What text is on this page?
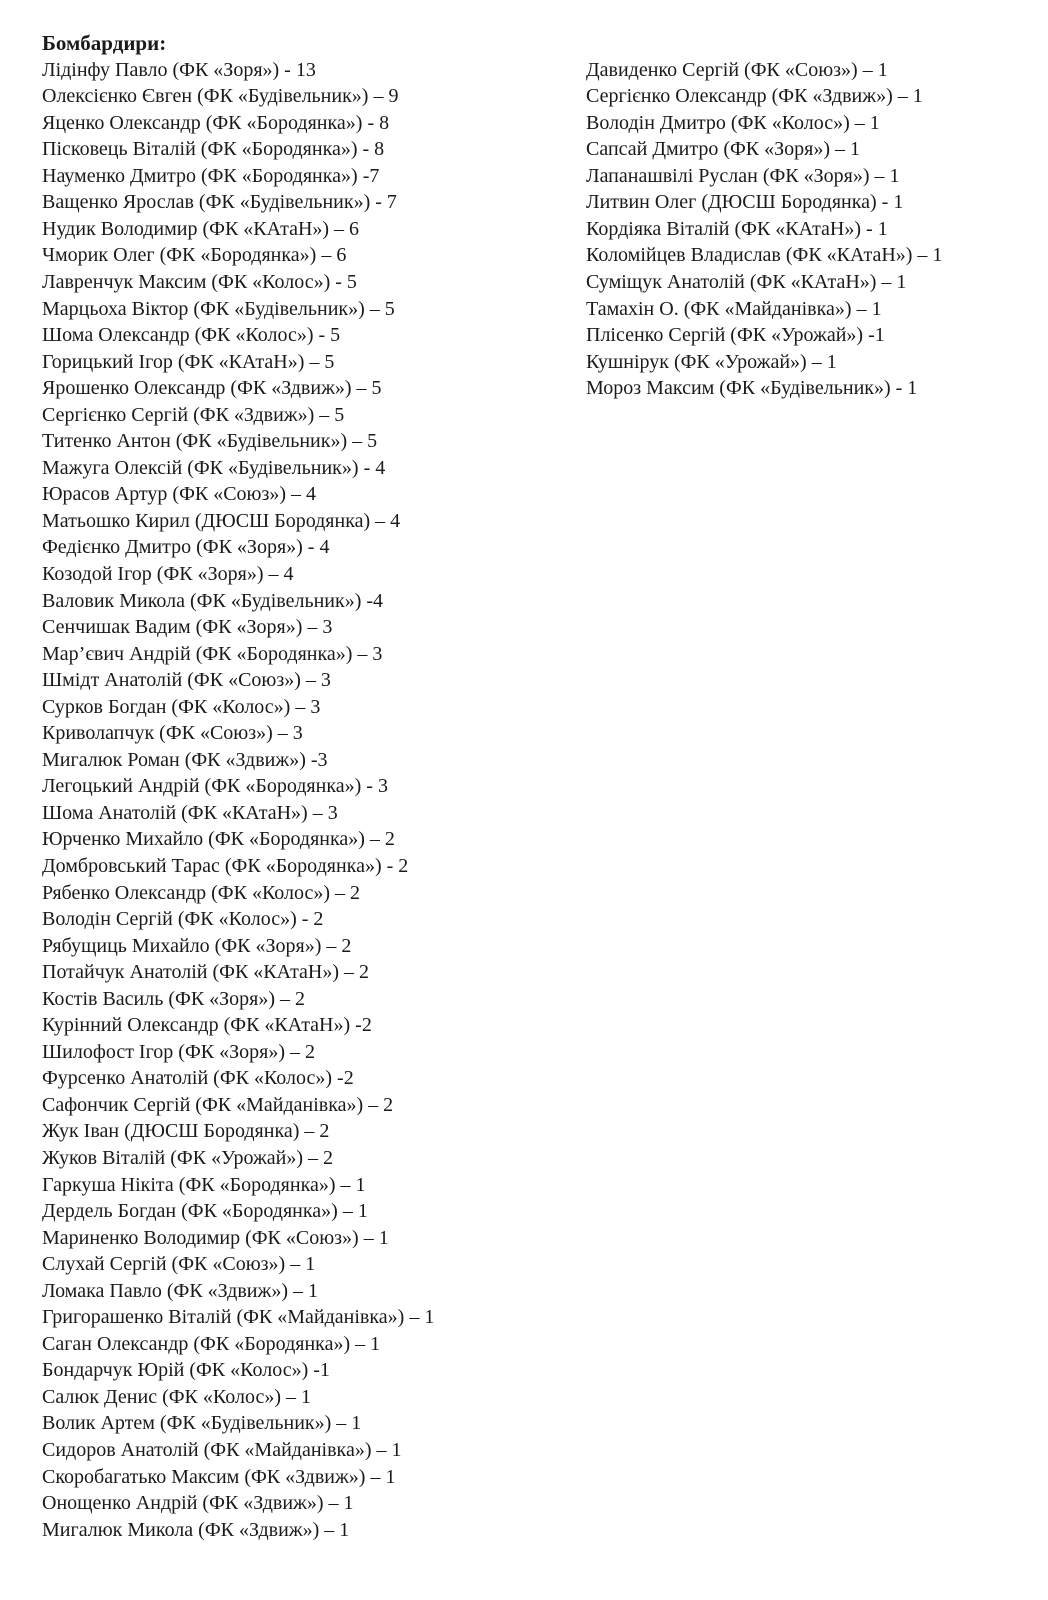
Бомбардири:
Лідінфу Павло (ФК «Зоря») - 13
Олексієнко Євген (ФК «Будівельник») – 9
Яценко Олександр (ФК «Бородянка») - 8
Пісковець Віталій (ФК «Бородянка») - 8
Науменко Дмитро (ФК «Бородянка») -7
Ващенко Ярослав (ФК «Будівельник») - 7
Нудик Володимир (ФК «КАтаН») – 6
Чморик Олег (ФК «Бородянка») – 6
Лавренчук Максим (ФК «Колос») - 5
Марцьоха Віктор (ФК «Будівельник») – 5
Шома Олександр (ФК «Колос») - 5
Горицький Ігор (ФК «КАтаН») – 5
Ярошенко Олександр (ФК «Здвиж») – 5
Сергієнко Сергій (ФК «Здвиж») – 5
Титенко Антон (ФК «Будівельник») – 5
Мажуга Олексій (ФК «Будівельник») - 4
Юрасов Артур (ФК «Союз») – 4
Матьошко Кирил (ДЮСШ Бородянка) – 4
Федієнко Дмитро (ФК «Зоря») - 4
Козодой Ігор (ФК «Зоря») – 4
Валовик Микола (ФК «Будівельник») -4
Сенчишак Вадим (ФК «Зоря») – 3
Мар’євич Андрій (ФК «Бородянка») – 3
Шмідт Анатолій (ФК «Союз») – 3
Сурков Богдан (ФК «Колос») – 3
Криволапчук (ФК «Союз») – 3
Мигалюк Роман (ФК «Здвиж») -3
Легоцький Андрій (ФК «Бородянка») - 3
Шома Анатолій (ФК «КАтаН») – 3
Юрченко Михайло (ФК «Бородянка») – 2
Домбровський Тарас (ФК «Бородянка») - 2
Рябенко Олександр (ФК «Колос») – 2
Володін Сергій (ФК «Колос») - 2
Рябущиць Михайло (ФК «Зоря») – 2
Потайчук Анатолій (ФК «КАтаН») – 2
Костів Василь (ФК «Зоря») – 2
Курінний Олександр (ФК «КАтаН») -2
Шилофост Ігор (ФК «Зоря») – 2
Фурсенко Анатолій (ФК «Колос») -2
Сафончик Сергій (ФК «Майданівка») – 2
Жук Іван (ДЮСШ Бородянка) – 2
Жуков Віталій (ФК «Урожай») – 2
Гаркуша Нікіта (ФК «Бородянка») – 1
Дердель Богдан (ФК «Бородянка») – 1
Мариненко Володимир (ФК «Союз») – 1
Слухай Сергій (ФК «Союз») – 1
Ломака Павло (ФК «Здвиж») – 1
Григорашенко Віталій (ФК «Майданівка») – 1
Саган Олександр (ФК «Бородянка») – 1
Бондарчук Юрій (ФК «Колос») -1
Салюк Денис (ФК «Колос») – 1
Волик Артем (ФК «Будівельник») – 1
Сидоров Анатолій (ФК «Майданівка») – 1
Скоробагатько Максим (ФК «Здвиж») – 1
Онощенко Андрій (ФК «Здвиж») – 1
Мигалюк Микола (ФК «Здвиж») – 1
Давиденко Сергій (ФК «Союз») – 1
Сергієнко Олександр (ФК «Здвиж») – 1
Володін Дмитро (ФК «Колос») – 1
Сапсай Дмитро (ФК «Зоря») – 1
Лапанашвілі Руслан (ФК «Зоря») – 1
Литвин Олег (ДЮСШ Бородянка) - 1
Кордіяка Віталій (ФК «КАтаН») - 1
Коломійцев Владислав (ФК «КАтаН») – 1
Суміщук Анатолій (ФК «КАтаН») – 1
Тамахін О. (ФК «Майданівка») – 1
Плісенко Сергій (ФК «Урожай») -1
Кушнірук (ФК «Урожай») – 1
Мороз Максим (ФК «Будівельник») - 1
